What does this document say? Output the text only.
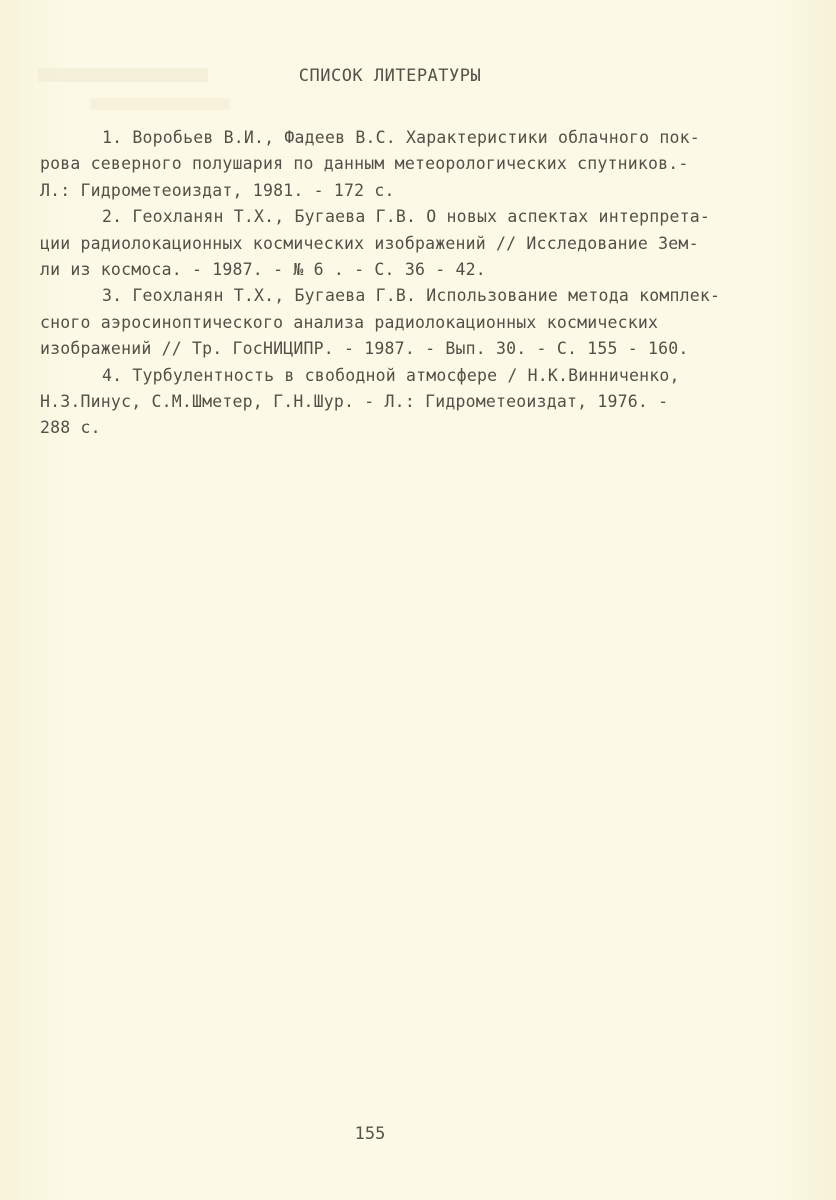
СПИСОК ЛИТЕРАТУРЫ
1. Воробьев В.И., Фадеев В.С. Характеристики облачного пок-
рова северного полушария по данным метеорологических спутников.-
Л.: Гидрометеоиздат, 1981. - 172 с.
2. Геохланян Т.Х., Бугаева Г.В. О новых аспектах интерпрета-
ции радиолокационных космических изображений // Исследование Зем-
ли из космоса. - 1987. - № 6 . - С. 36 - 42.
3. Геохланян Т.Х., Бугаева Г.В. Использование метода комплек-
сного аэросиноптического анализа радиолокационных космических
изображений // Тр. ГосНИЦИПР. - 1987. - Вып. 30. - С. 155 - 160.
4. Турбулентность в свободной атмосфере / Н.К.Винниченко,
Н.З.Пинус, С.М.Шметер, Г.Н.Шур. - Л.: Гидрометеоиздат, 1976. -
288 с.
155
